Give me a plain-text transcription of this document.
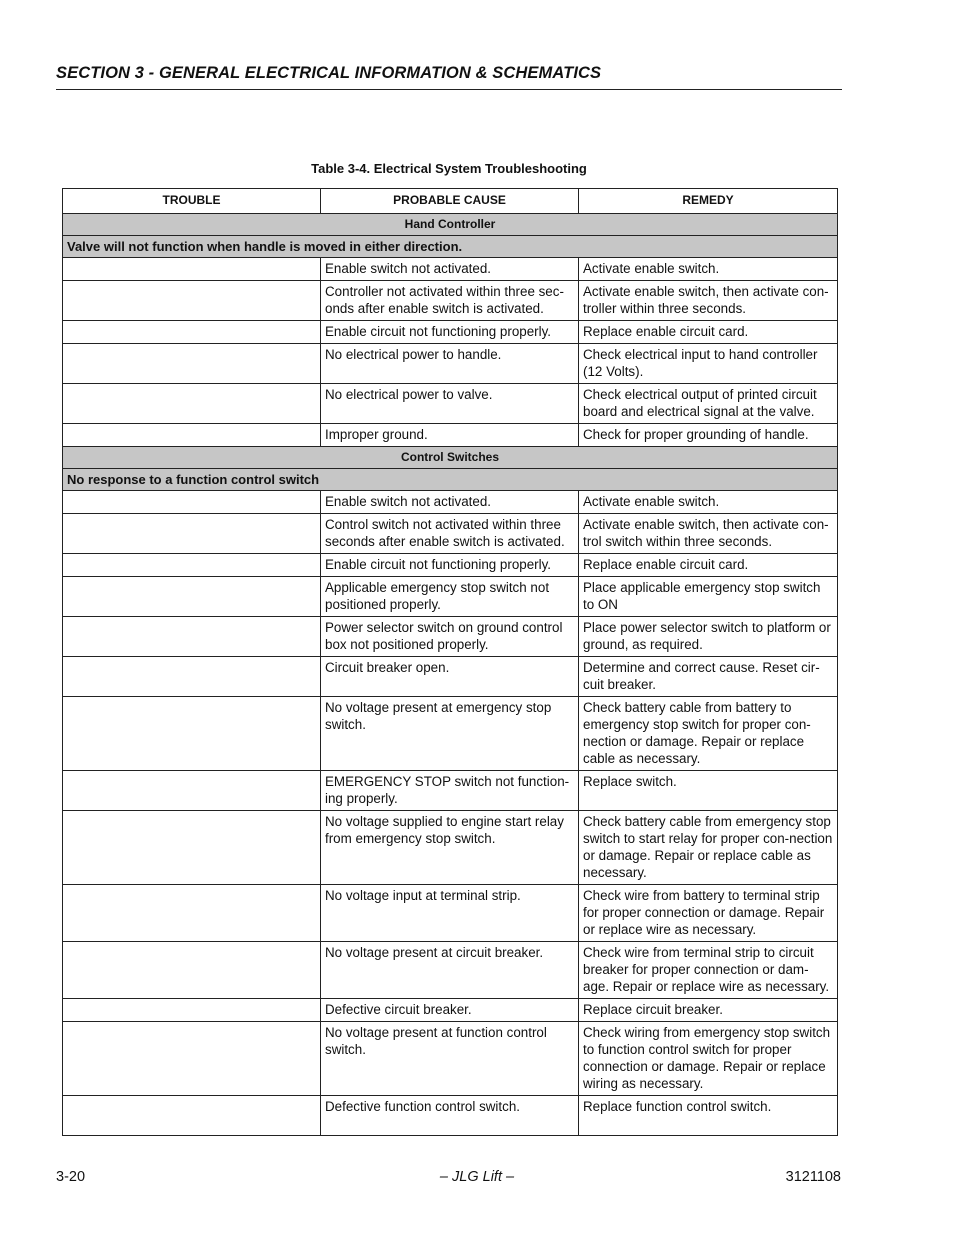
SECTION 3 - GENERAL ELECTRICAL INFORMATION & SCHEMATICS
Table 3-4. Electrical System Troubleshooting
TROUBLE	PROBABLE CAUSE	REMEDY
Hand Controller		
Valve will not function when handle is moved in either direction.		
	Enable switch not activated.	Activate enable switch.
	Controller not activated within three sec-onds after enable switch is activated.	Activate enable switch, then activate con-troller within three seconds.
	Enable circuit not functioning properly.	Replace enable circuit card.
	No electrical power to handle.	Check electrical input to hand controller (12 Volts).
	No electrical power to valve.	Check electrical output of printed circuit board and electrical signal at the valve.
	Improper ground.	Check for proper grounding of handle.
Control Switches		
No response to a function control switch		
	Enable switch not activated.	Activate enable switch.
	Control switch not activated within three seconds after enable switch is activated.	Activate enable switch, then activate con-trol switch within three seconds.
	Enable circuit not functioning properly.	Replace enable circuit card.
	Applicable emergency stop switch not positioned properly.	Place applicable emergency stop switch to ON
	Power selector switch on ground control box not positioned properly.	Place power selector switch to platform or ground, as required.
	Circuit breaker open.	Determine and correct cause. Reset cir-cuit breaker.
	No voltage present at emergency stop switch.	Check battery cable from battery to emergency stop switch for proper con-nection or damage. Repair or replace cable as necessary.
	EMERGENCY STOP switch not function-ing properly.	Replace switch.
	No voltage supplied to engine start relay from emergency stop switch.	Check battery cable from emergency stop switch to start relay for proper con-nection or damage. Repair or replace cable as necessary.
	No voltage input at terminal strip.	Check wire from battery to terminal strip for proper connection or damage. Repair or replace wire as necessary.
	No voltage present at circuit breaker.	Check wire from terminal strip to circuit breaker for proper connection or dam-age. Repair or replace wire as necessary.
	Defective circuit breaker.	Replace circuit breaker.
	No voltage present at function control switch.	Check wiring from emergency stop switch to function control switch for proper connection or damage. Repair or replace wiring as necessary.
	Defective function control switch.	Replace function control switch.
3-20	– JLG Lift –	3121108
